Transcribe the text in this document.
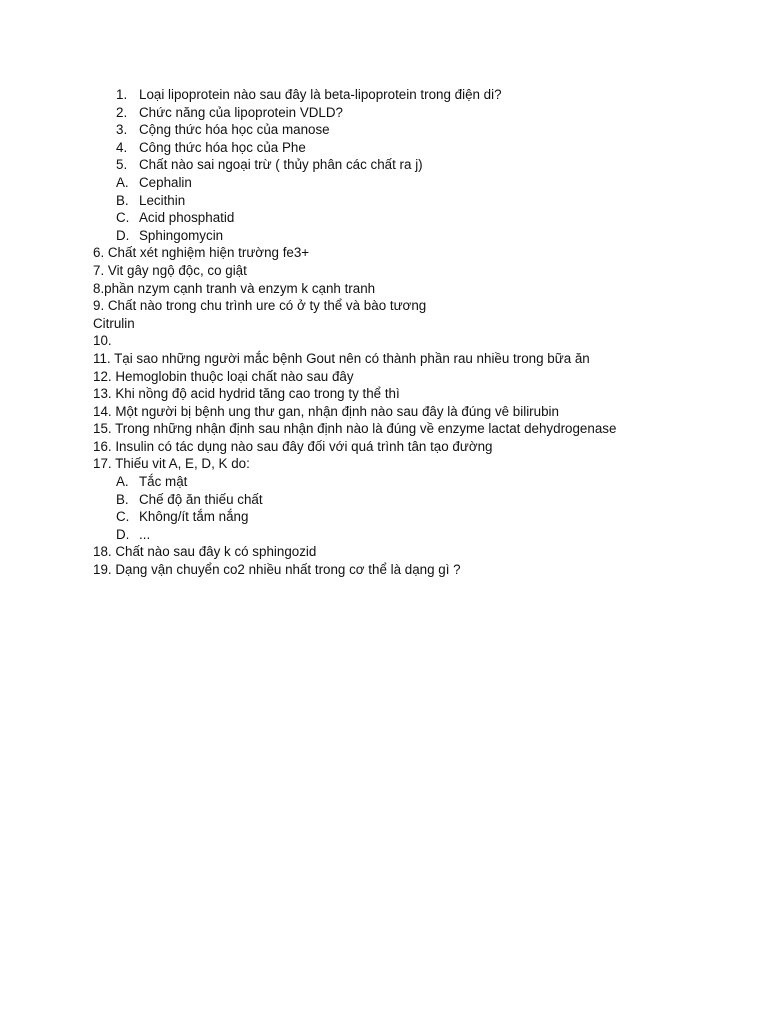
1. Loại lipoprotein nào sau đây là beta-lipoprotein trong điện di?
2. Chức năng của lipoprotein VDLD?
3. Cộng thức hóa học của manose
4. Công thức hóa học của Phe
5. Chất nào sai ngoại trừ ( thủy phân các chất ra j)
A. Cephalin
B. Lecithin
C. Acid phosphatid
D. Sphingomycin
6. Chất xét nghiệm hiện trường fe3+
7. Vit gây ngộ độc, co giật
8.phần nzym cạnh tranh và enzym k cạnh tranh
9. Chất nào trong chu trình ure có ở ty thể và bào tương
Citrulin
10.
11. Tại sao những người mắc bệnh Gout nên có thành phần rau nhiều trong bữa ăn
12. Hemoglobin thuộc loại chất nào sau đây
13. Khi nồng độ acid hydrid tăng cao trong ty thể thì
14. Một người bị bệnh ung thư gan, nhận định nào sau đây là đúng vê bilirubin
15. Trong những nhận định sau nhận định nào là đúng về enzyme lactat dehydrogenase
16. Insulin có tác dụng nào sau đây đối với quá trình tân tạo đường
17. Thiếu vit A, E, D, K do:
A. Tắc mật
B. Chế độ ăn thiếu chất
C. Không/ít tắm nắng
D. ...
18. Chất nào sau đây k có sphingozid
19. Dạng vận chuyển co2 nhiều nhất trong cơ thể là dạng gì ?
